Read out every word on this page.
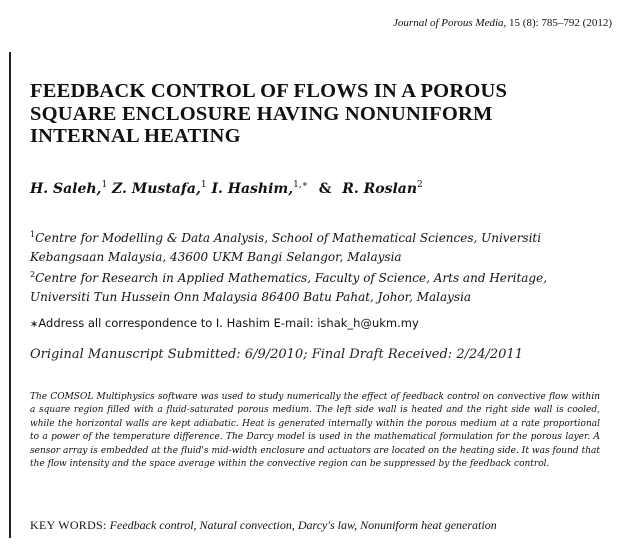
Journal of Porous Media, 15 (8): 785–792 (2012)
FEEDBACK CONTROL OF FLOWS IN A POROUS
SQUARE ENCLOSURE HAVING NONUNIFORM
INTERNAL HEATING
H. Saleh,$^1$ Z. Mustafa,$^1$ I. Hashim,$^{1,∗}$ & R. Roslan$^2$
$^1$Centre for Modelling & Data Analysis, School of Mathematical Sciences, Universiti Kebangsaan Malaysia, 43600 UKM Bangi Selangor, Malaysia
$^2$Centre for Research in Applied Mathematics, Faculty of Science, Arts and Heritage, Universiti Tun Hussein Onn Malaysia 86400 Batu Pahat, Johor, Malaysia
∗Address all correspondence to I. Hashim E-mail: ishak_h@ukm.my
Original Manuscript Submitted: 6/9/2010; Final Draft Received: 2/24/2011
The COMSOL Multiphysics software was used to study numerically the effect of feedback control on convective flow within a square region filled with a fluid-saturated porous medium. The left side wall is heated and the right side wall is cooled, while the horizontal walls are kept adiabatic. Heat is generated internally within the porous medium at a rate proportional to a power of the temperature difference. The Darcy model is used in the mathematical formulation for the porous layer. A sensor array is embedded at the fluid's mid-width enclosure and actuators are located on the heating side. It was found that the flow intensity and the space average within the convective region can be suppressed by the feedback control.
KEY WORDS: Feedback control, Natural convection, Darcy's law, Nonuniform heat generation
